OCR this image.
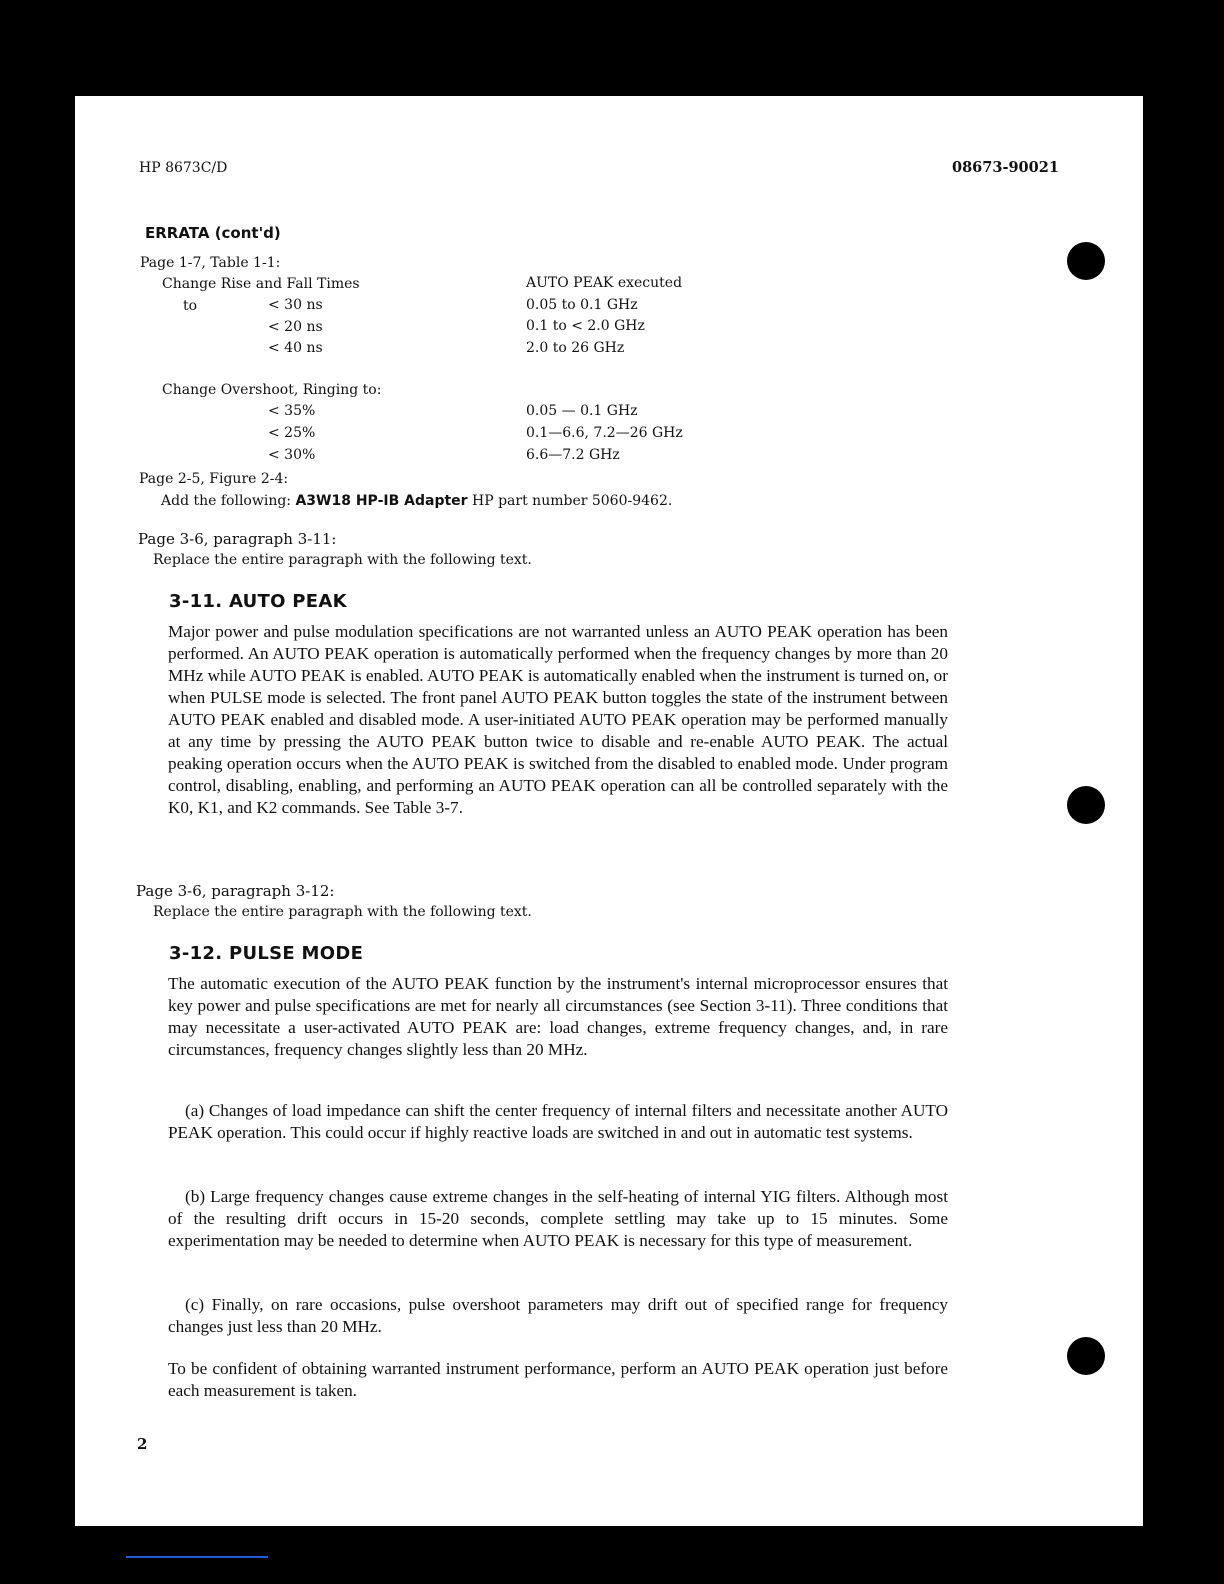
HP 8673C/D	08673-90021
ERRATA (cont'd)
Page 1-7, Table 1-1:
Change Rise and Fall Times	AUTO PEAK executed
to	< 30 ns	0.05 to 0.1 GHz
< 20 ns	0.1 to < 2.0 GHz
< 40 ns	2.0 to 26 GHz
Change Overshoot, Ringing to:
< 35%	0.05 — 0.1 GHz
< 25%	0.1—6.6, 7.2—26 GHz
< 30%	6.6—7.2 GHz
Page 2-5, Figure 2-4:
Add the following: A3W18 HP-IB Adapter HP part number 5060-9462.
Page 3-6, paragraph 3-11:
Replace the entire paragraph with the following text.
3-11. AUTO PEAK
Major power and pulse modulation specifications are not warranted unless an AUTO PEAK operation has been performed. An AUTO PEAK operation is automatically performed when the frequency changes by more than 20 MHz while AUTO PEAK is enabled. AUTO PEAK is automatically enabled when the instrument is turned on, or when PULSE mode is selected. The front panel AUTO PEAK button toggles the state of the instrument between AUTO PEAK enabled and disabled mode. A user-initiated AUTO PEAK operation may be performed manually at any time by pressing the AUTO PEAK button twice to disable and re-enable AUTO PEAK. The actual peaking operation occurs when the AUTO PEAK is switched from the disabled to enabled mode. Under program control, disabling, enabling, and performing an AUTO PEAK operation can all be controlled separately with the K0, K1, and K2 commands. See Table 3-7.
Page 3-6, paragraph 3-12:
Replace the entire paragraph with the following text.
3-12. PULSE MODE
The automatic execution of the AUTO PEAK function by the instrument's internal microprocessor ensures that key power and pulse specifications are met for nearly all circumstances (see Section 3-11). Three conditions that may necessitate a user-activated AUTO PEAK are: load changes, extreme frequency changes, and, in rare circumstances, frequency changes slightly less than 20 MHz.
(a) Changes of load impedance can shift the center frequency of internal filters and necessitate another AUTO PEAK operation. This could occur if highly reactive loads are switched in and out in automatic test systems.
(b) Large frequency changes cause extreme changes in the self-heating of internal YIG filters. Although most of the resulting drift occurs in 15-20 seconds, complete settling may take up to 15 minutes. Some experimentation may be needed to determine when AUTO PEAK is necessary for this type of measurement.
(c) Finally, on rare occasions, pulse overshoot parameters may drift out of specified range for frequency changes just less than 20 MHz.
To be confident of obtaining warranted instrument performance, perform an AUTO PEAK operation just before each measurement is taken.
2
